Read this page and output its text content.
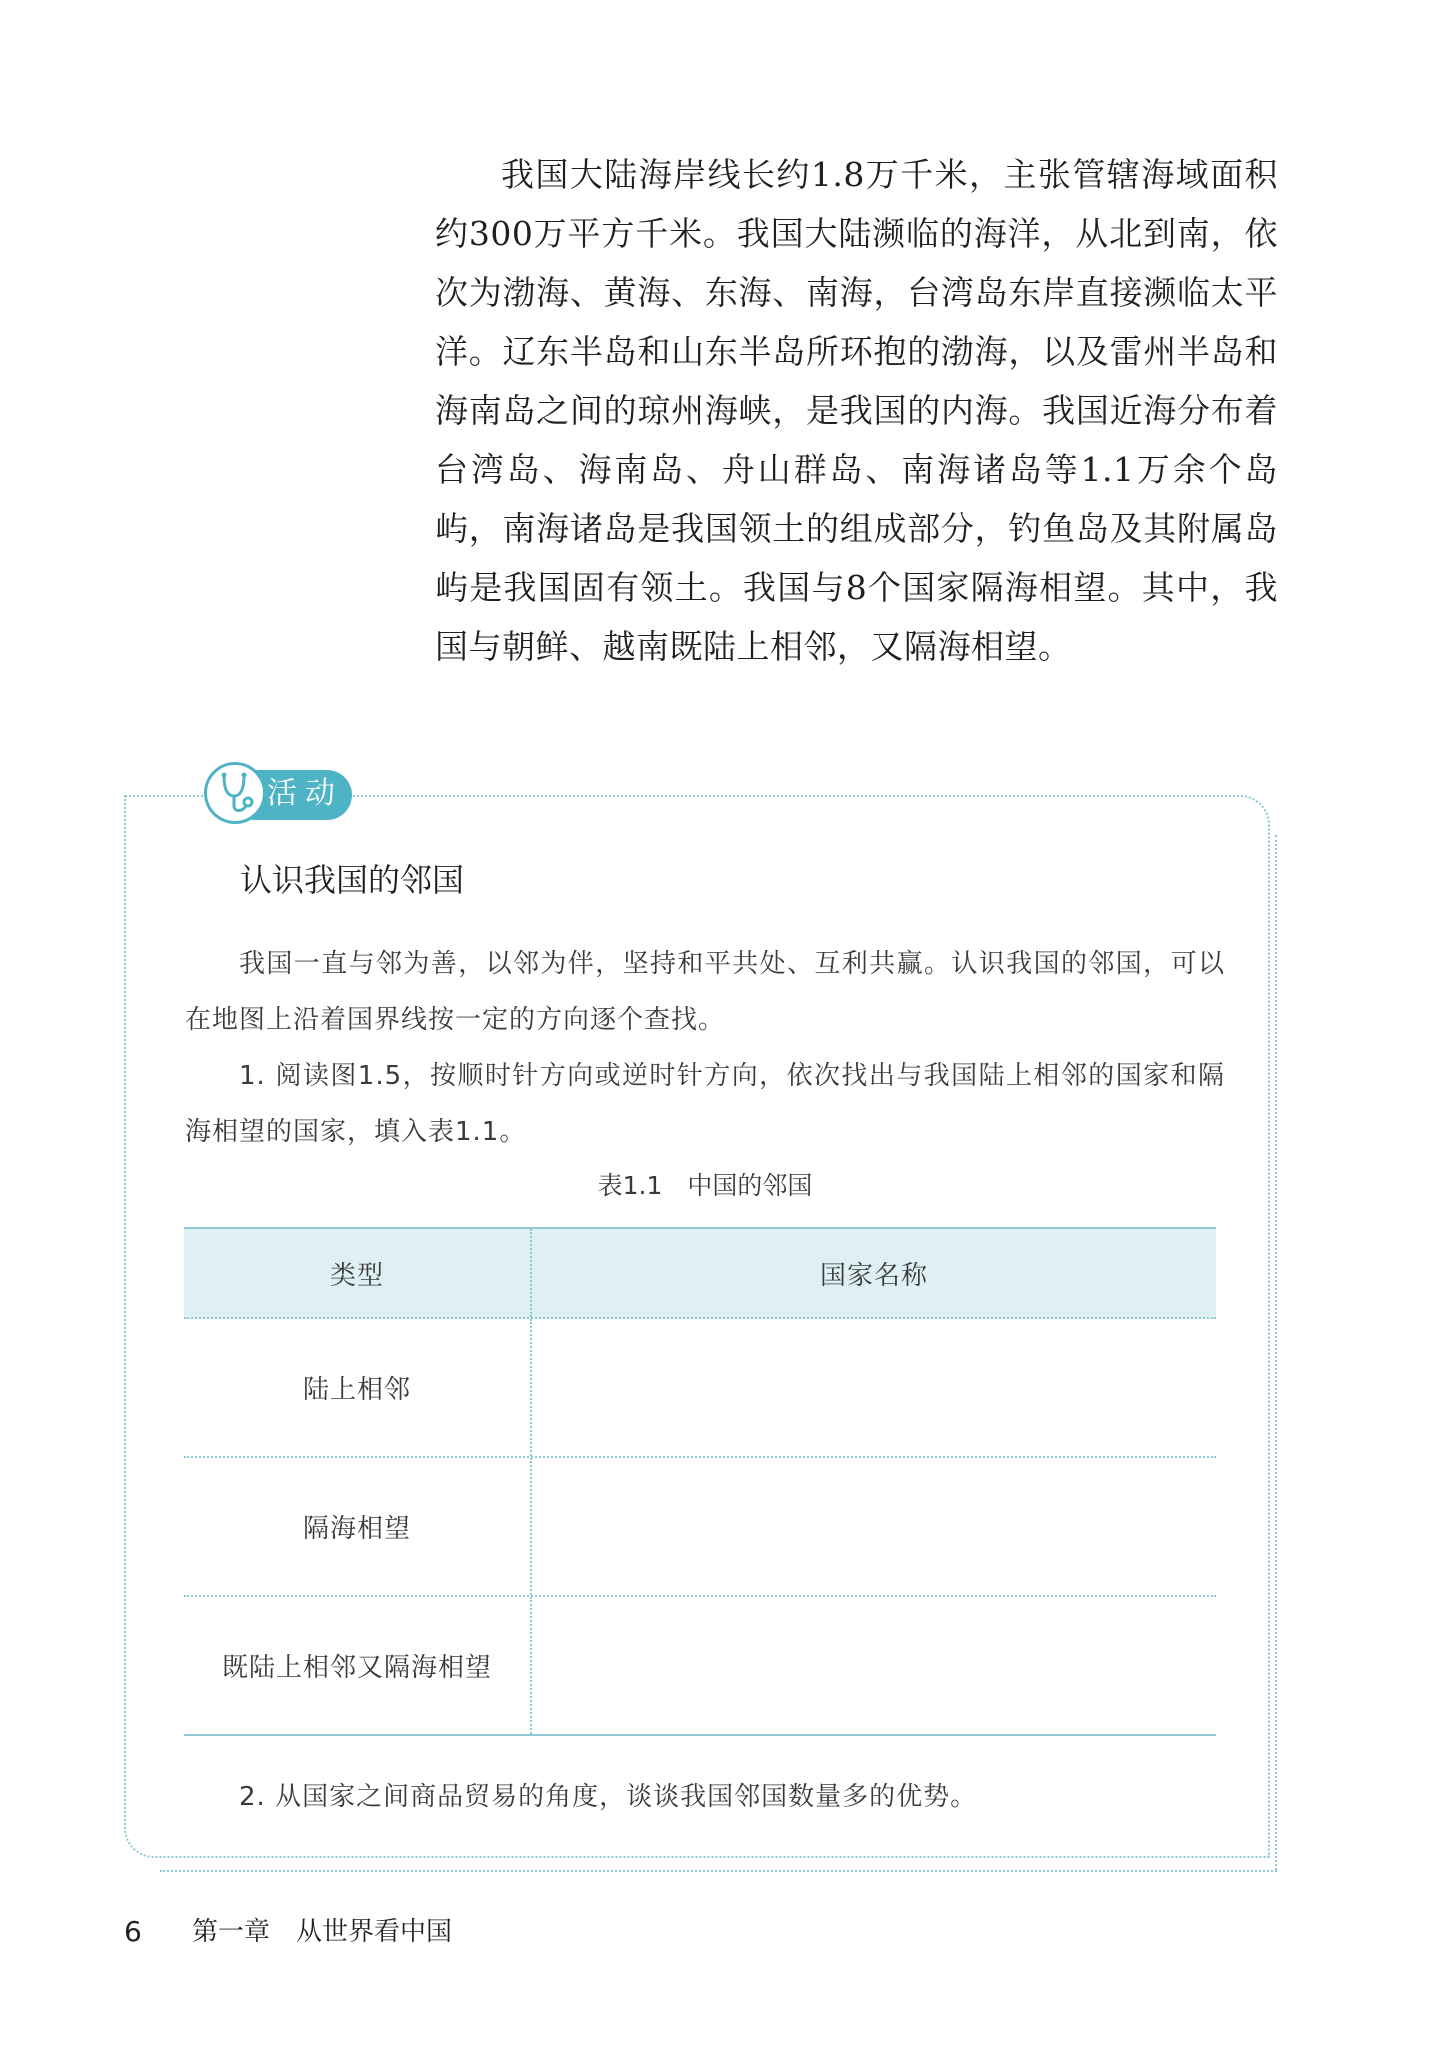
我国大陆海岸线长约1.8万千米，主张管辖海域面积约300万平方千米。我国大陆濒临的海洋，从北到南，依次为渤海、黄海、东海、南海，台湾岛东岸直接濒临太平洋。辽东半岛和山东半岛所环抱的渤海，以及雷州半岛和海南岛之间的琼州海峡，是我国的内海。我国近海分布着台湾岛、海南岛、舟山群岛、南海诸岛等1.1万余个岛屿，南海诸岛是我国领土的组成部分，钓鱼岛及其附属岛屿是我国固有领土。我国与8个国家隔海相望。其中，我国与朝鲜、越南既陆上相邻，又隔海相望。
活动
认识我国的邻国
我国一直与邻为善，以邻为伴，坚持和平共处、互利共赢。认识我国的邻国，可以在地图上沿着国界线按一定的方向逐个查找。
1. 阅读图1.5，按顺时针方向或逆时针方向，依次找出与我国陆上相邻的国家和隔海相望的国家，填入表1.1。
表1.1　中国的邻国
类型	国家名称
陆上相邻
隔海相望
既陆上相邻又隔海相望
2. 从国家之间商品贸易的角度，谈谈我国邻国数量多的优势。
6 第一章　从世界看中国
